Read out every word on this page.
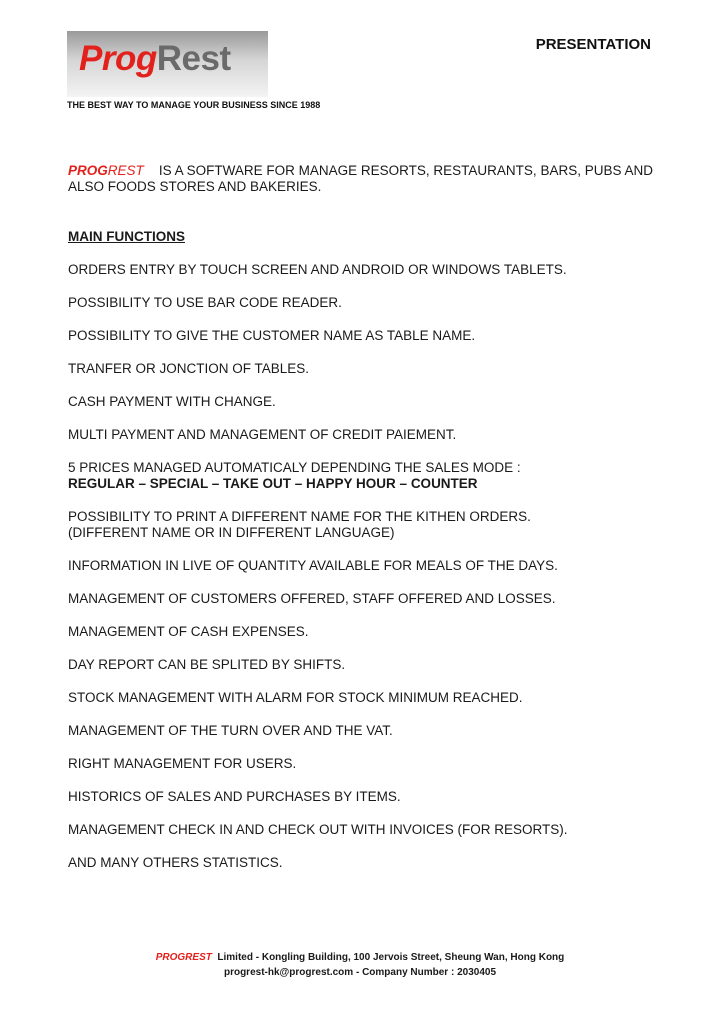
ProgRest	PRESENTATION
THE BEST WAY TO MANAGE YOUR BUSINESS SINCE 1988

PROGREST IS A SOFTWARE FOR MANAGE RESORTS, RESTAURANTS, BARS, PUBS AND ALSO FOODS STORES AND BAKERIES.

MAIN FUNCTIONS
ORDERS ENTRY BY TOUCH SCREEN AND ANDROID OR WINDOWS TABLETS.
POSSIBILITY TO USE BAR CODE READER.
POSSIBILITY TO GIVE THE CUSTOMER NAME AS TABLE NAME.
TRANFER OR JONCTION OF TABLES.
CASH PAYMENT WITH CHANGE.
MULTI PAYMENT AND MANAGEMENT OF CREDIT PAIEMENT.
5 PRICES MANAGED AUTOMATICALY DEPENDING THE SALES MODE :
REGULAR – SPECIAL – TAKE OUT – HAPPY HOUR – COUNTER
POSSIBILITY TO PRINT A DIFFERENT NAME FOR THE KITHEN ORDERS.
(DIFFERENT NAME OR IN DIFFERENT LANGUAGE)
INFORMATION IN LIVE OF QUANTITY AVAILABLE FOR MEALS OF THE DAYS.
MANAGEMENT OF CUSTOMERS OFFERED, STAFF OFFERED AND LOSSES.
MANAGEMENT OF CASH EXPENSES.
DAY REPORT CAN BE SPLITED BY SHIFTS.
STOCK MANAGEMENT WITH ALARM FOR STOCK MINIMUM REACHED.
MANAGEMENT OF THE TURN OVER AND THE VAT.
RIGHT MANAGEMENT FOR USERS.
HISTORICS OF SALES AND PURCHASES BY ITEMS.
MANAGEMENT CHECK IN AND CHECK OUT WITH INVOICES (FOR RESORTS).
AND MANY OTHERS STATISTICS.
PROGREST Limited - Kongling Building, 100 Jervois Street, Sheung Wan, Hong Kong
progrest-hk@progrest.com - Company Number : 2030405
